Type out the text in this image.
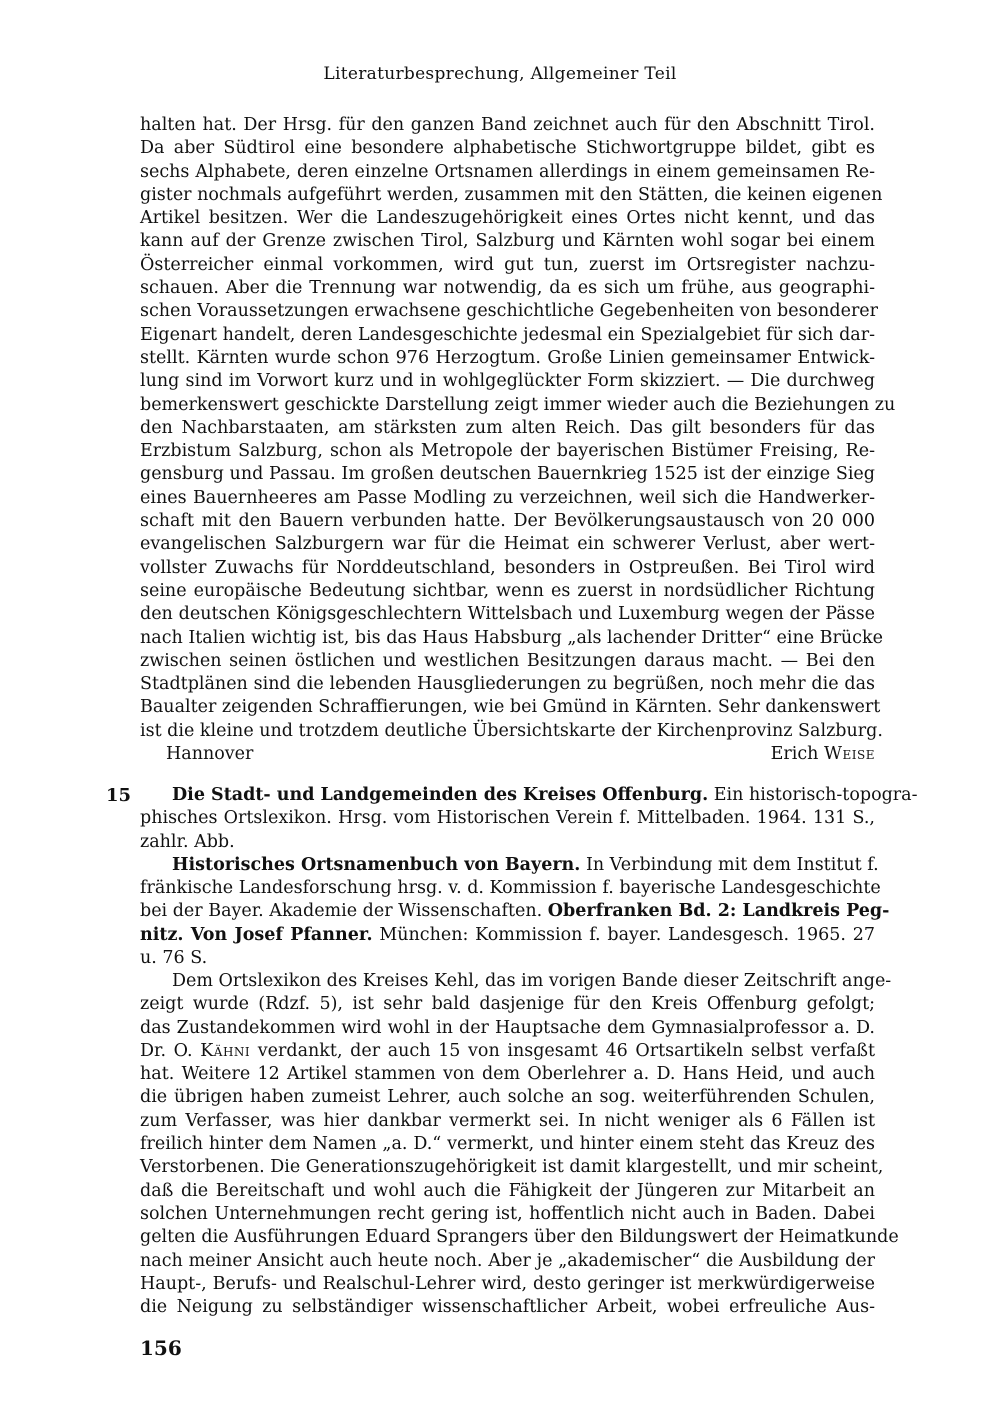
Literaturbesprechung, Allgemeiner Teil
halten hat. Der Hrsg. für den ganzen Band zeichnet auch für den Abschnitt Tirol.
Da aber Südtirol eine besondere alphabetische Stichwortgruppe bildet, gibt es
sechs Alphabete, deren einzelne Ortsnamen allerdings in einem gemeinsamen Re-
gister nochmals aufgeführt werden, zusammen mit den Stätten, die keinen eigenen
Artikel besitzen. Wer die Landeszugehörigkeit eines Ortes nicht kennt, und das
kann auf der Grenze zwischen Tirol, Salzburg und Kärnten wohl sogar bei einem
Österreicher einmal vorkommen, wird gut tun, zuerst im Ortsregister nachzu-
schauen. Aber die Trennung war notwendig, da es sich um frühe, aus geographi-
schen Voraussetzungen erwachsene geschichtliche Gegebenheiten von besonderer
Eigenart handelt, deren Landesgeschichte jedesmal ein Spezialgebiet für sich dar-
stellt. Kärnten wurde schon 976 Herzogtum. Große Linien gemeinsamer Entwick-
lung sind im Vorwort kurz und in wohlgeglückter Form skizziert. — Die durchweg
bemerkenswert geschickte Darstellung zeigt immer wieder auch die Beziehungen zu
den Nachbarstaaten, am stärksten zum alten Reich. Das gilt besonders für das
Erzbistum Salzburg, schon als Metropole der bayerischen Bistümer Freising, Re-
gensburg und Passau. Im großen deutschen Bauernkrieg 1525 ist der einzige Sieg
eines Bauernheeres am Passe Modling zu verzeichnen, weil sich die Handwerker-
schaft mit den Bauern verbunden hatte. Der Bevölkerungsaustausch von 20 000
evangelischen Salzburgern war für die Heimat ein schwerer Verlust, aber wert-
vollster Zuwachs für Norddeutschland, besonders in Ostpreußen. Bei Tirol wird
seine europäische Bedeutung sichtbar, wenn es zuerst in nordsüdlicher Richtung
den deutschen Königsgeschlechtern Wittelsbach und Luxemburg wegen der Pässe
nach Italien wichtig ist, bis das Haus Habsburg „als lachender Dritter“ eine Brücke
zwischen seinen östlichen und westlichen Besitzungen daraus macht. — Bei den
Stadtplänen sind die lebenden Hausgliederungen zu begrüßen, noch mehr die das
Baualter zeigenden Schraffierungen, wie bei Gmünd in Kärnten. Sehr dankenswert
ist die kleine und trotzdem deutliche Übersichtskarte der Kirchenprovinz Salzburg.
Hannover	Erich Weise
15	Die Stadt- und Landgemeinden des Kreises Offenburg. Ein historisch-topogra-
phisches Ortslexikon. Hrsg. vom Historischen Verein f. Mittelbaden. 1964. 131 S.,
zahlr. Abb.
Historisches Ortsnamenbuch von Bayern. In Verbindung mit dem Institut f.
fränkische Landesforschung hrsg. v. d. Kommission f. bayerische Landesgeschichte
bei der Bayer. Akademie der Wissenschaften. Oberfranken Bd. 2: Landkreis Peg-
nitz. Von Josef Pfanner. München: Kommission f. bayer. Landesgesch. 1965. 27
u. 76 S.
Dem Ortslexikon des Kreises Kehl, das im vorigen Bande dieser Zeitschrift ange-
zeigt wurde (Rdzf. 5), ist sehr bald dasjenige für den Kreis Offenburg gefolgt;
das Zustandekommen wird wohl in der Hauptsache dem Gymnasialprofessor a. D.
Dr. O. Kähni verdankt, der auch 15 von insgesamt 46 Ortsartikeln selbst verfaßt
hat. Weitere 12 Artikel stammen von dem Oberlehrer a. D. Hans Heid, und auch
die übrigen haben zumeist Lehrer, auch solche an sog. weiterführenden Schulen,
zum Verfasser, was hier dankbar vermerkt sei. In nicht weniger als 6 Fällen ist
freilich hinter dem Namen „a. D.“ vermerkt, und hinter einem steht das Kreuz des
Verstorbenen. Die Generationszugehörigkeit ist damit klargestellt, und mir scheint,
daß die Bereitschaft und wohl auch die Fähigkeit der Jüngeren zur Mitarbeit an
solchen Unternehmungen recht gering ist, hoffentlich nicht auch in Baden. Dabei
gelten die Ausführungen Eduard Sprangers über den Bildungswert der Heimatkunde
nach meiner Ansicht auch heute noch. Aber je „akademischer“ die Ausbildung der
Haupt-, Berufs- und Realschul-Lehrer wird, desto geringer ist merkwürdigerweise
die Neigung zu selbständiger wissenschaftlicher Arbeit, wobei erfreuliche Aus-
156
